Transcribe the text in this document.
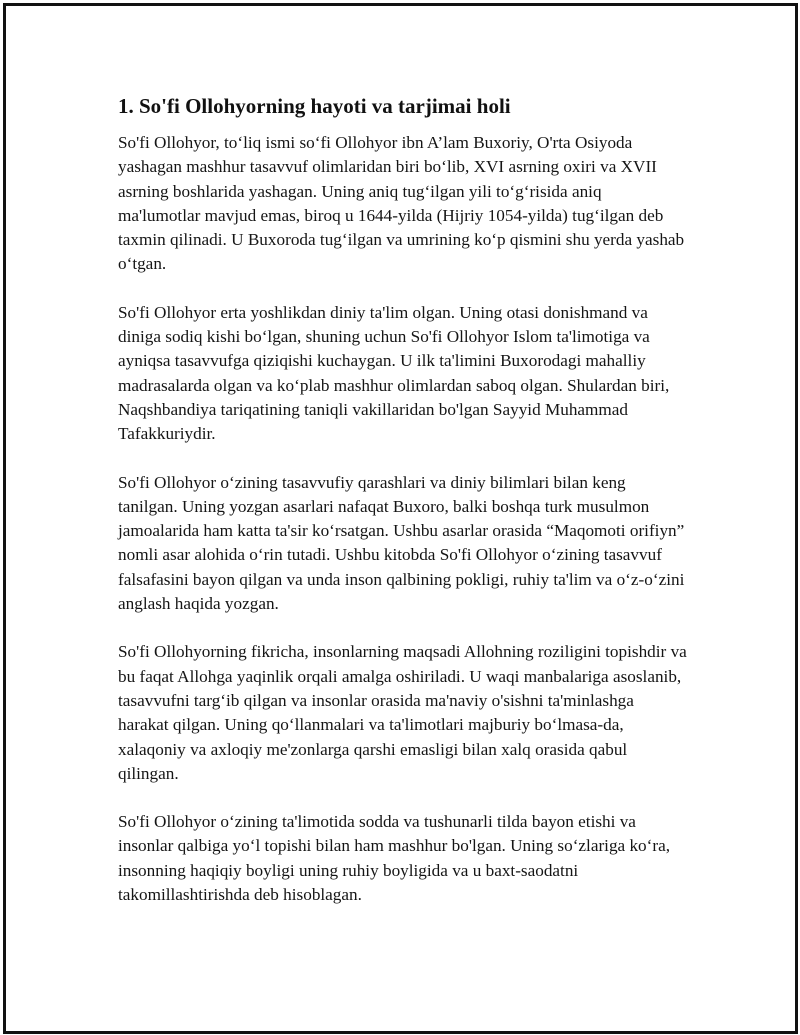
1. So'fi Ollohyorning hayoti va tarjimai holi

So'fi Ollohyor, to‘liq ismi so‘fi Ollohyor ibn A’lam Buxoriy, O'rta Osiyoda yashagan mashhur tasavvuf olimlaridan biri bo‘lib, XVI asrning oxiri va XVII asrning boshlarida yashagan. Uning aniq tug‘ilgan yili to‘g‘risida aniq ma'lumotlar mavjud emas, biroq u 1644-yilda (Hijriy 1054-yilda) tug‘ilgan deb taxmin qilinadi. U Buxoroda tug‘ilgan va umrining ko‘p qismini shu yerda yashab o‘tgan.

So'fi Ollohyor erta yoshlikdan diniy ta'lim olgan. Uning otasi donishmand va diniga sodiq kishi bo‘lgan, shuning uchun So'fi Ollohyor Islom ta'limotiga va ayniqsa tasavvufga qiziqishi kuchaygan. U ilk ta'limini Buxorodagi mahalliy madrasalarda olgan va ko‘plab mashhur olimlardan saboq olgan. Shulardan biri, Naqshbandiya tariqatining taniqli vakillaridan bo'lgan Sayyid Muhammad Tafakkuriydir.

So'fi Ollohyor o‘zining tasavvufiy qarashlari va diniy bilimlari bilan keng tanilgan. Uning yozgan asarlari nafaqat Buxoro, balki boshqa turk musulmon jamoalarida ham katta ta'sir ko‘rsatgan. Ushbu asarlar orasida “Maqomoti orifiyn” nomli asar alohida o‘rin tutadi. Ushbu kitobda So'fi Ollohyor o‘zining tasavvuf falsafasini bayon qilgan va unda inson qalbining pokligi, ruhiy ta'lim va o‘z-o‘zini anglash haqida yozgan.

So'fi Ollohyorning fikricha, insonlarning maqsadi Allohning roziligini topishdir va bu faqat Allohga yaqinlik orqali amalga oshiriladi. U waqi manbalariga asoslanib, tasavvufni targ‘ib qilgan va insonlar orasida ma'naviy o'sishni ta'minlashga harakat qilgan. Uning qo‘llanmalari va ta'limotlari majburiy bo‘lmasa-da, xalaqoniy va axloqiy me'zonlarga qarshi emasligi bilan xalq orasida qabul qilingan.

So'fi Ollohyor o‘zining ta'limotida sodda va tushunarli tilda bayon etishi va insonlar qalbiga yo‘l topishi bilan ham mashhur bo'lgan. Uning so‘zlariga ko‘ra, insonning haqiqiy boyligi uning ruhiy boyligida va u baxt-saodatni takomillashtirishda deb hisoblagan.
